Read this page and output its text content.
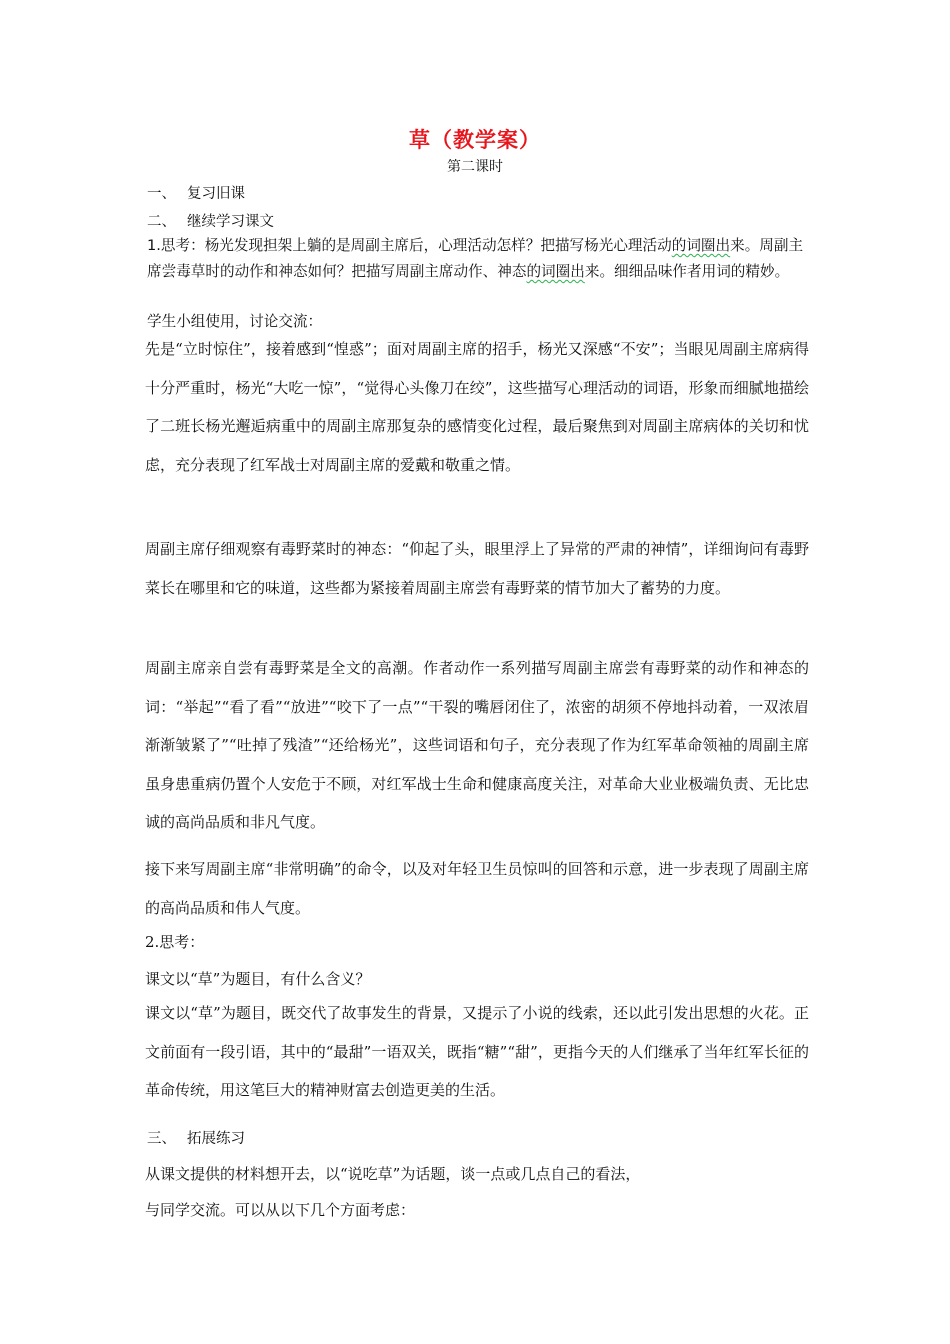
草（教学案）
第二课时
一、 复习旧课
二、 继续学习课文
1.思考：杨光发现担架上躺的是周副主席后，心理活动怎样？把描写杨光心理活动的词圈出来。周副主席尝毒草时的动作和神态如何？把描写周副主席动作、神态的词圈出来。细细品味作者用词的精妙。
学生小组使用，讨论交流：
先是“立时惊住”，接着感到“惶惑”；面对周副主席的招手，杨光又深感“不安”；当眼见周副主席病得十分严重时，杨光“大吃一惊”，“觉得心头像刀在绞”，这些描写心理活动的词语，形象而细腻地描绘了二班长杨光邂逅病重中的周副主席那复杂的感情变化过程，最后聚焦到对周副主席病体的关切和忧虑，充分表现了红军战士对周副主席的爱戴和敬重之情。
周副主席仔细观察有毒野菜时的神态：“仰起了头，眼里浮上了异常的严肃的神情”，详细询问有毒野菜长在哪里和它的味道，这些都为紧接着周副主席尝有毒野菜的情节加大了蓄势的力度。
周副主席亲自尝有毒野菜是全文的高潮。作者动作一系列描写周副主席尝有毒野菜的动作和神态的词：“举起”“看了看”“放进”“咬下了一点”“干裂的嘴唇闭住了，浓密的胡须不停地抖动着，一双浓眉渐渐皱紧了”“吐掉了残渣”“还给杨光”，这些词语和句子，充分表现了作为红军革命领袖的周副主席虽身患重病仍置个人安危于不顾，对红军战士生命和健康高度关注，对革命大业业极端负责、无比忠诚的高尚品质和非凡气度。
接下来写周副主席“非常明确”的命令，以及对年轻卫生员惊叫的回答和示意，进一步表现了周副主席的高尚品质和伟人气度。
2.思考：
课文以“草”为题目，有什么含义？
课文以“草”为题目，既交代了故事发生的背景，又提示了小说的线索，还以此引发出思想的火花。正文前面有一段引语，其中的“最甜”一语双关，既指“糖”“甜”，更指今天的人们继承了当年红军长征的革命传统，用这笔巨大的精神财富去创造更美的生活。
三、 拓展练习
从课文提供的材料想开去，以“说吃草”为话题，谈一点或几点自己的看法，
与同学交流。可以从以下几个方面考虑：
